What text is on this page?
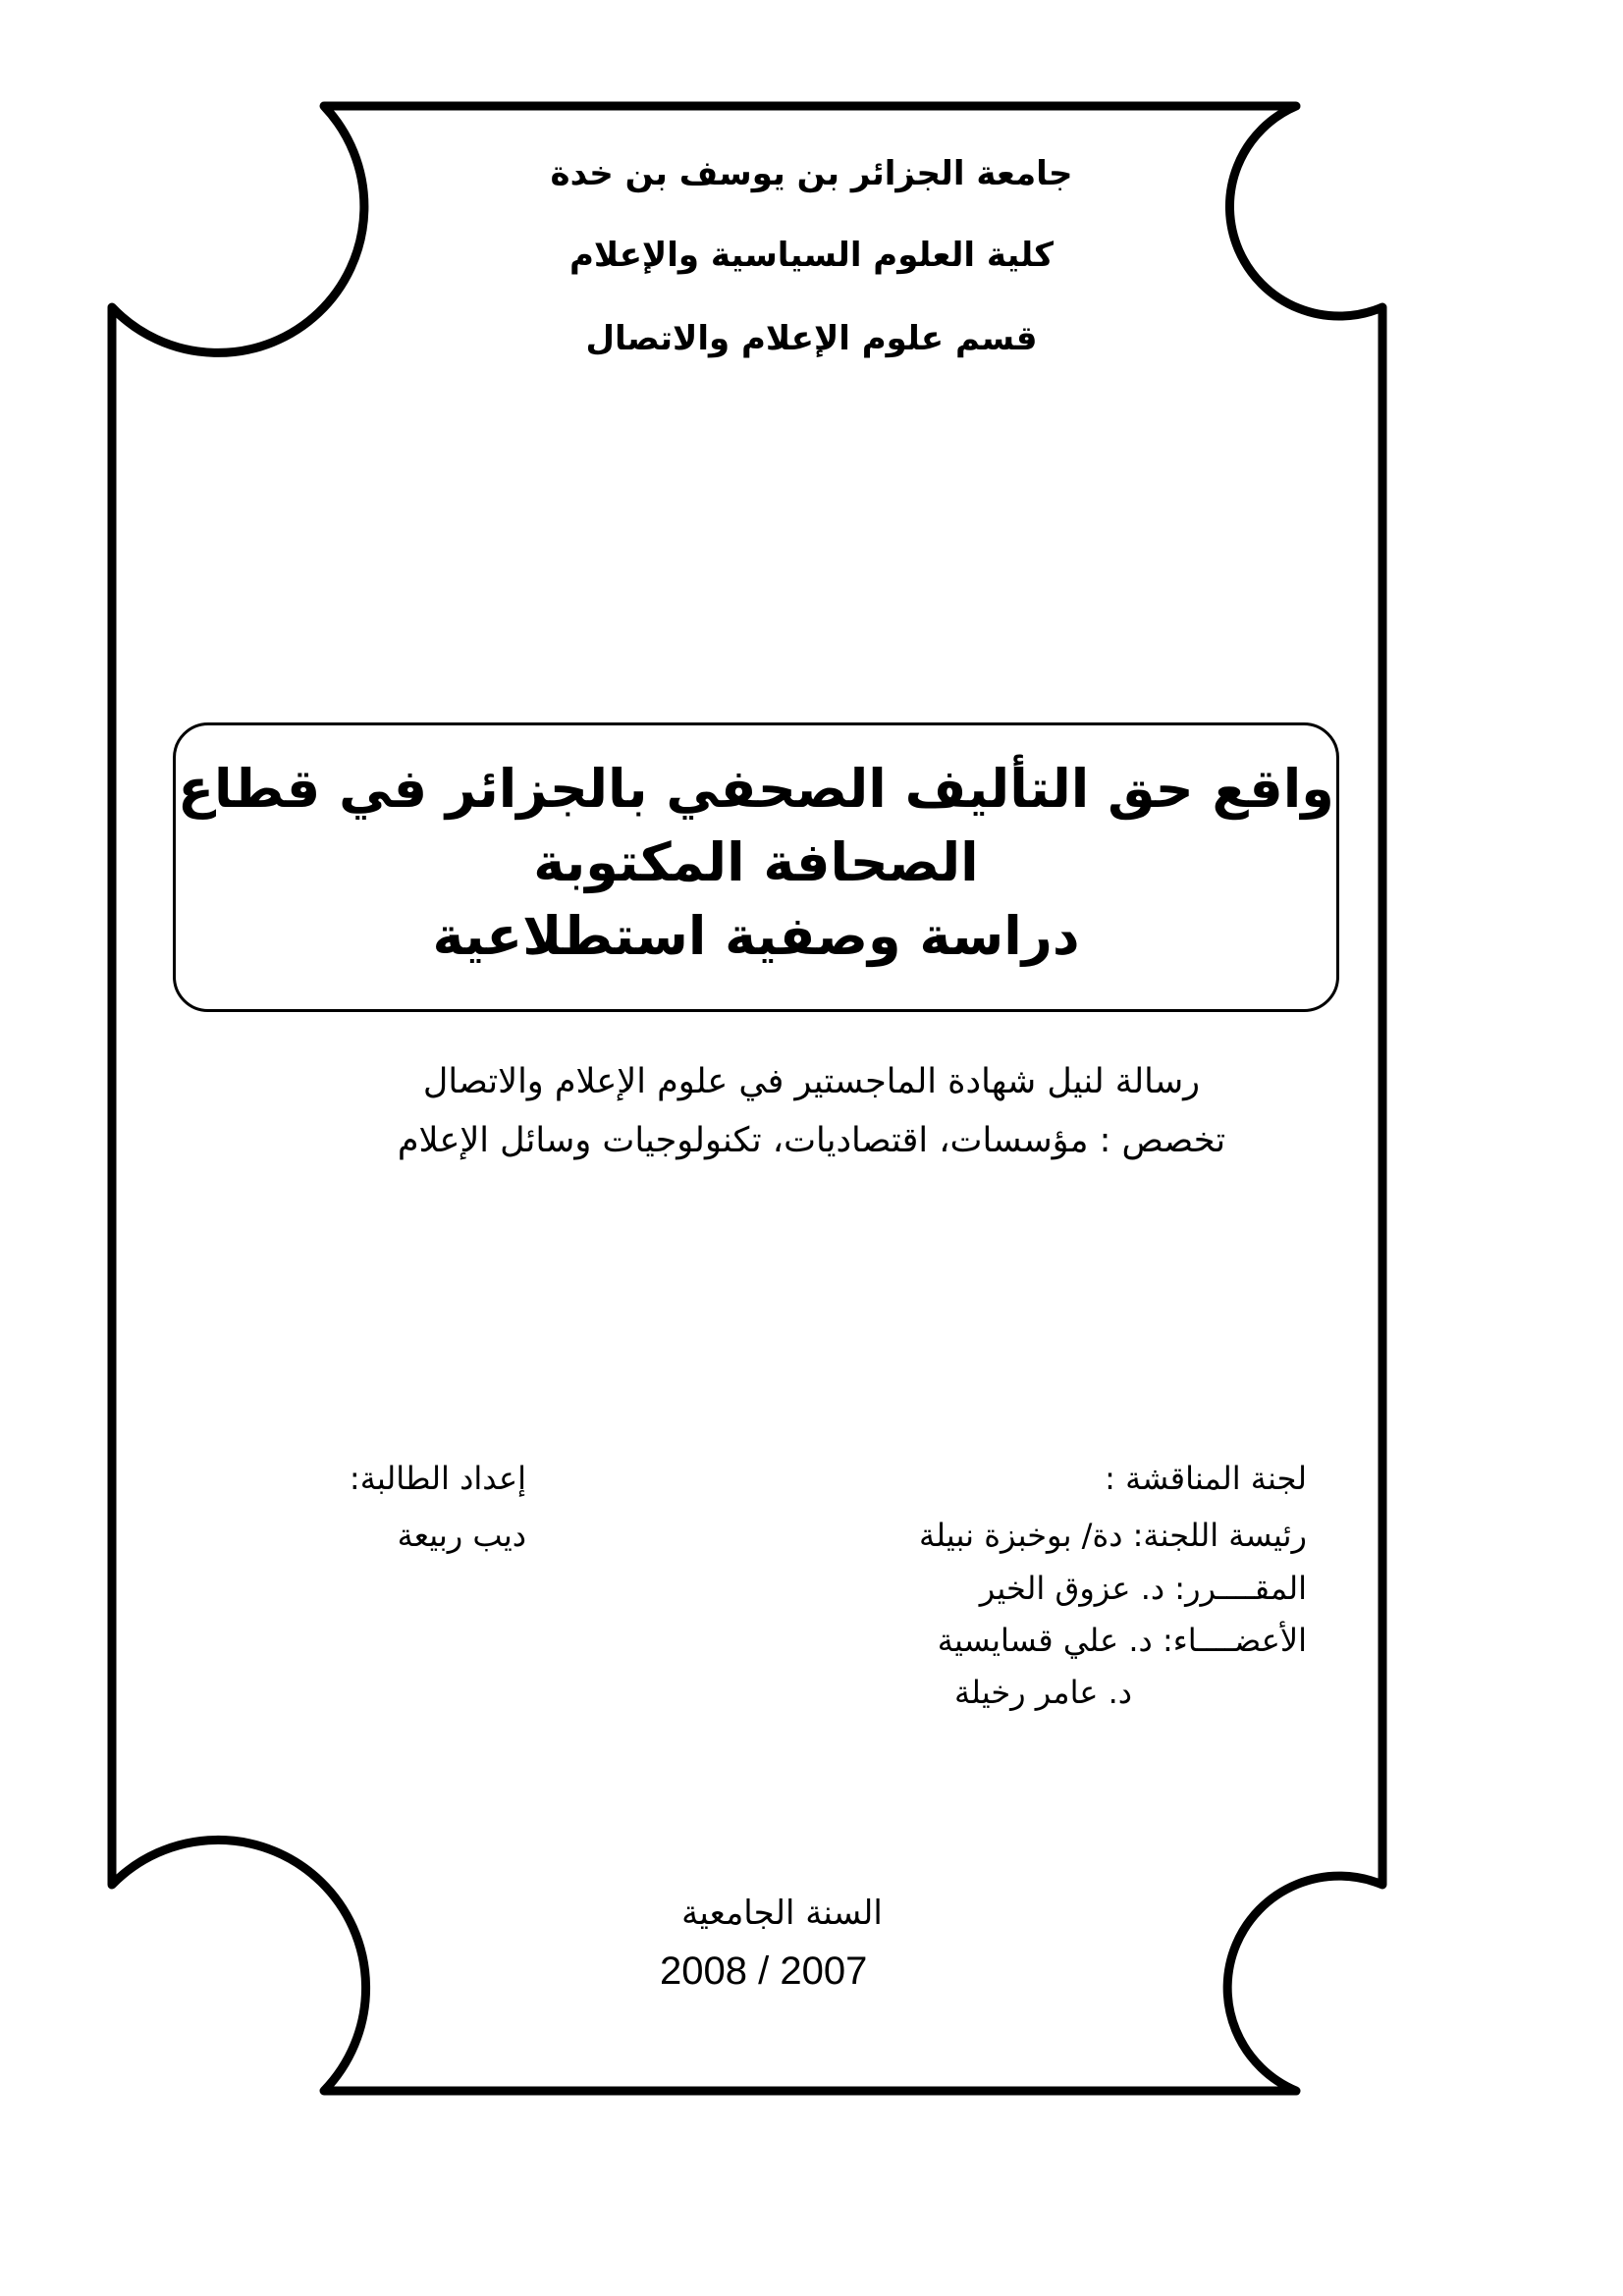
جامعة الجزائر بن يوسف بن خدة
كلية العلوم السياسية والإعلام
قسم علوم الإعلام والاتصال
واقع حق التأليف الصحفي بالجزائر في قطاع
الصحافة المكتوبة
دراسة وصفية استطلاعية
رسالة لنيل شهادة الماجستير في علوم الإعلام والاتصال
تخصص : مؤسسات، اقتصاديات، تكنولوجيات وسائل الإعلام
لجنة المناقشة :
رئيسة اللجنة: دة/ بوخبزة نبيلة
المقــــرر: د. عزوق الخير
الأعضــــاء: د. علي قسايسية
د. عامر رخيلة
إعداد الطالبة:
ديب ربيعة
السنة الجامعية
2008 / 2007
